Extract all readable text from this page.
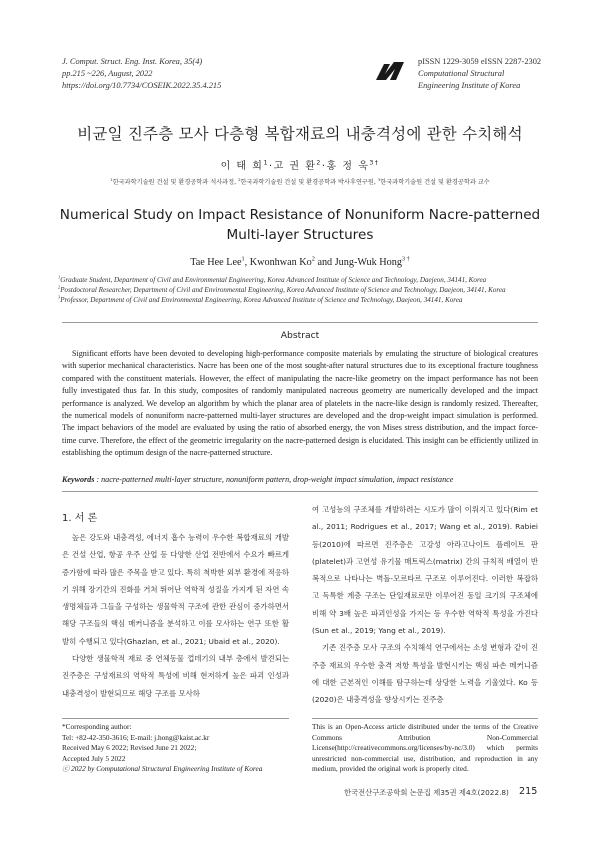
J. Comput. Struct. Eng. Inst. Korea, 35(4)
pp.215 ~226, August, 2022
https://doi.org/10.7734/COSEIK.2022.35.4.215
pISSN 1229-3059 eISSN 2287-2302
Computational Structural
Engineering Institute of Korea
비균일 진주층 모사 다층형 복합재료의 내충격성에 관한 수치해석
이 태 희$^1$·고 권 환$^2$·홍 정 욱$^{3\dagger}$
$^1$한국과학기술원 건설 및 환경공학과 석사과정, $^2$한국과학기술원 건설 및 환경공학과 박사후연구원, $^3$한국과학기술원 건설 및 환경공학과 교수
Numerical Study on Impact Resistance of Nonuniform Nacre-patterned Multi-layer Structures
Tae Hee Lee$^1$, Kwonhwan Ko$^2$ and Jung-Wuk Hong$^{3 \dagger}$
$^1$Graduate Student, Department of Civil and Environmental Engineering, Korea Advanced Institute of Science and Technology, Daejeon, 34141, Korea
$^2$Postdoctoral Researcher, Department of Civil and Environmental Engineering, Korea Advanced Institute of Science and Technology, Daejeon, 34141, Korea
$^3$Professor, Department of Civil and Environmental Engineering, Korea Advanced Institute of Science and Technology, Daejeon, 34141, Korea
Abstract
Significant efforts have been devoted to developing high-performance composite materials by emulating the structure of biological creatures with superior mechanical characteristics. Nacre has been one of the most sought-after natural structures due to its exceptional fracture toughness compared with the constituent materials. However, the effect of manipulating the nacre-like geometry on the impact performance has not been fully investigated thus far. In this study, composites of randomly manipulated nacreous geometry are numerically developed and the impact performance is analyzed. We develop an algorithm by which the planar area of platelets in the nacre-like design is randomly resized. Thereafter, the numerical models of nonuniform nacre-patterned multi-layer structures are developed and the drop-weight impact simulation is performed. The impact behaviors of the model are evaluated by using the ratio of absorbed energy, the von Mises stress distribution, and the impact force-time curve. Therefore, the effect of the geometric irregularity on the nacre-patterned design is elucidated. This insight can be efficiently utilized in establishing the optimum design of the nacre-patterned structure.
Keywords : nacre-patterned multi-layer structure, nonuniform pattern, drop-weight impact simulation, impact resistance
1. 서 론

높은 강도와 내충격성, 에너지 흡수 능력이 우수한 복합재료의 개발은 건설 산업, 항공 우주 산업 등 다양한 산업 전반에서 수요가 빠르게 증가함에 따라 많은 주목을 받고 있다. 특히 척박한 외부 환경에 적응하기 위해 장기간의 진화를 거쳐 뛰어난 역학적 성질을 가지게 된 자연 속 생명체들과 그들을 구성하는 생물학적 구조에 관한 관심이 증가하면서 해당 구조들의 핵심 매커니즘을 분석하고 이를 모사하는 연구 또한 활발히 수행되고 있다(Ghazlan, et al., 2021; Ubaid et al., 2020).

다양한 생물학적 재료 중 연체동물 껍데기의 내부 층에서 발견되는 진주층은 구성재료의 역학적 특성에 비해 현저하게 높은 파괴 인성과 내충격성이 발현되므로 해당 구조를 모사하

여 고성능의 구조체를 개발하려는 시도가 많이 이뤄지고 있다(Rim et al., 2011; Rodrigues et al., 2017; Wang et al., 2019). Rabiei 등(2010)에 따르면 진주층은 고강성 아라고나이트 플레이트 판(platelet)과 고연성 유기물 매트릭스(matrix) 간의 규칙적 배열이 반복적으로 나타나는 벽돌-모르타르 구조로 이루어진다. 이러한 복잡하고 독특한 계층 구조는 단일재료로만 이루어진 동일 크기의 구조체에 비해 약 3배 높은 파괴인성을 가지는 등 우수한 역학적 특성을 가진다(Sun et al., 2019; Yang et al., 2019).

기존 진주층 모사 구조의 수치해석 연구에서는 소성 변형과 같이 진주층 재료의 우수한 충격 저항 특성을 발현시키는 핵심 파손 메커니즘에 대한 근본적인 이해를 탐구하는데 상당한 노력을 기울였다. Ko 등(2020)은 내충격성을 향상시키는 진주층

*Corresponding author:
Tel: +82-42-350-3616; E-mail: j.hong@kaist.ac.kr
Received May 6 2022; Revised June 21 2022;
Accepted July 5 2022
ⓒ 2022 by Computational Structural Engineering Institute of Korea
This is an Open-Access article distributed under the terms of the Creative Commons Attribution Non-Commercial License(http://creativecommons.org/licenses/by-nc/3.0) which permits unrestricted non-commercial use, distribution, and reproduction in any medium, provided the original work is properly cited.
한국전산구조공학회 논문집 제35권 제4호(2022.8) 215
